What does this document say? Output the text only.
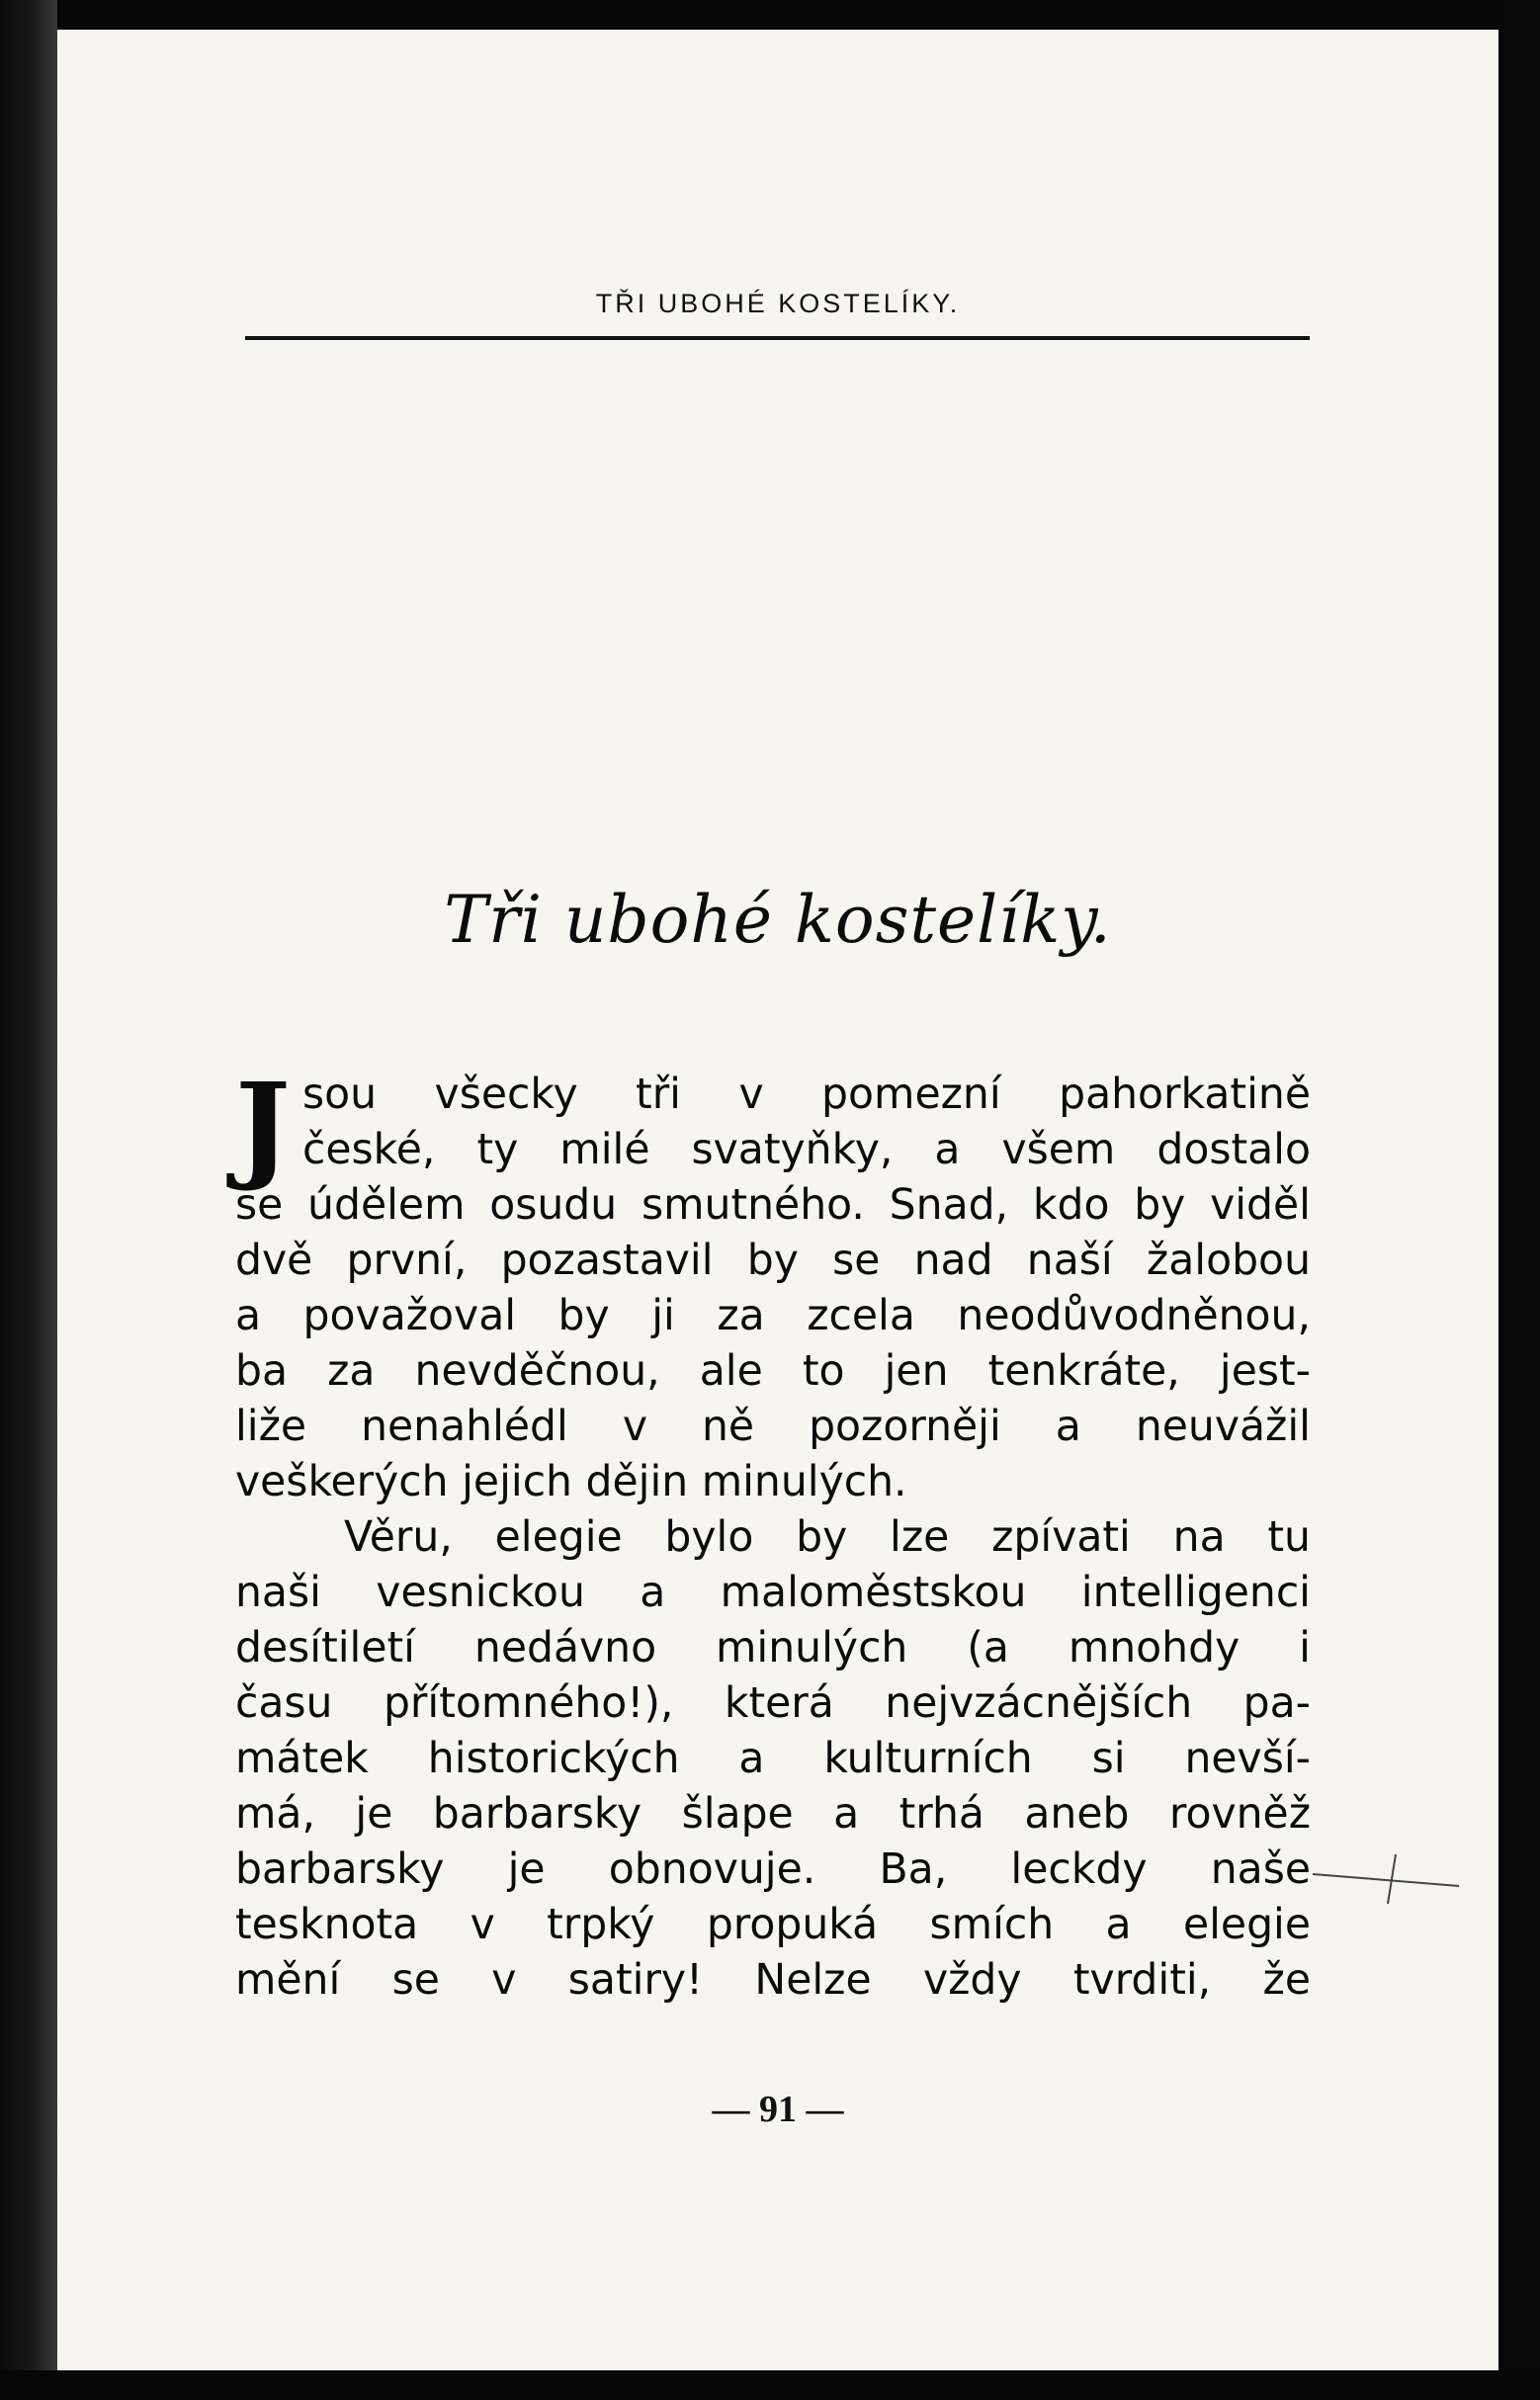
TŘI UBOHÉ KOSTELÍKY.
Tři ubohé kostelíky.
J sou všecky tři v pomezní pahorkatině
české, ty milé svatyňky, a všem dostalo
se údělem osudu smutného. Snad, kdo by viděl
dvě první, pozastavil by se nad naší žalobou
a považoval by ji za zcela neodůvodněnou,
ba za nevděčnou, ale to jen tenkráte, jest-
liže nenahlédl v ně pozorněji a neuvážil
veškerých jejich dějin minulých.
Věru, elegie bylo by lze zpívati na tu
naši vesnickou a maloměstskou intelligenci
desítiletí nedávno minulých (a mnohdy i
času přítomného!), která nejvzácnějších pa-
mátek historických a kulturních si nevší-
má, je barbarsky šlape a trhá aneb rovněž
barbarsky je obnovuje. Ba, leckdy naše
tesknota v trpký propuká smích a elegie
mění se v satiry! Nelze vždy tvrditi, že
— 91 —
